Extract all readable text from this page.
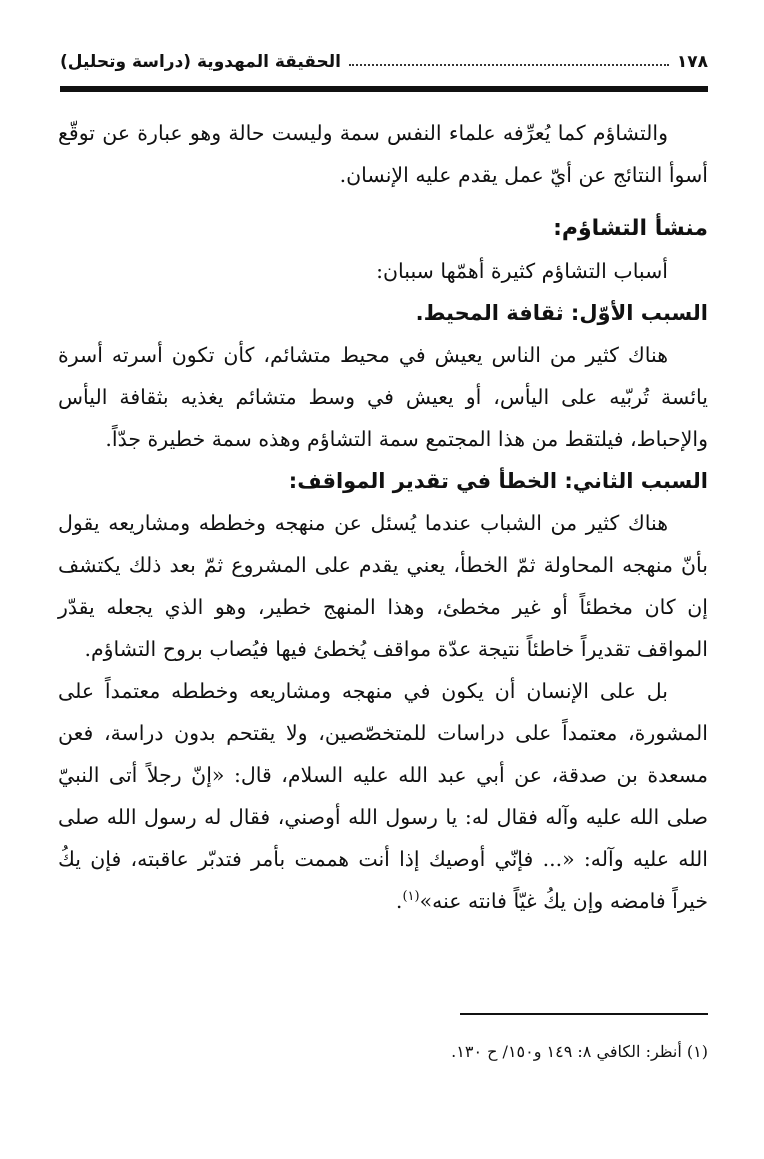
١٧٨
الحقيقة المهدوية (دراسة وتحليل)

والتشاؤم كما يُعرِّفه علماء النفس سمة وليست حالة وهو عبارة عن توقّع أسوأ النتائج عن أيّ عمل يقدم عليه الإنسان.

منشأ التشاؤم:

أسباب التشاؤم كثيرة أهمّها سببان:

السبب الأوّل: ثقافة المحيط.

هناك كثير من الناس يعيش في محيط متشائم، كأن تكون أسرته أسرة يائسة تُربّيه على اليأس، أو يعيش في وسط متشائم يغذيه بثقافة اليأس والإحباط، فيلتقط من هذا المجتمع سمة التشاؤم وهذه سمة خطيرة جدّاً.

السبب الثاني: الخطأ في تقدير المواقف:

هناك كثير من الشباب عندما يُسئل عن منهجه وخططه ومشاريعه يقول بأنّ منهجه المحاولة ثمّ الخطأ، يعني يقدم على المشروع ثمّ بعد ذلك يكتشف إن كان مخطئاً أو غير مخطئ، وهذا المنهج خطير، وهو الذي يجعله يقدّر المواقف تقديراً خاطئاً نتيجة عدّة مواقف يُخطئ فيها فيُصاب بروح التشاؤم.

بل على الإنسان أن يكون في منهجه ومشاريعه وخططه معتمداً على المشورة، معتمداً على دراسات للمتخصّصين، ولا يقتحم بدون دراسة، فعن مسعدة بن صدقة، عن أبي عبد الله عليه السلام، قال: «إنّ رجلاً أتى النبيّ صلى الله عليه وآله فقال له: يا رسول الله أوصني، فقال له رسول الله صلى الله عليه وآله: «... فإنّي أوصيك إذا أنت هممت بأمر فتدبّر عاقبته، فإن يكُ خيراً فامضه وإن يكُ غيّاً فانته عنه»$^{(١)}$.

(١) أنظر: الكافي ٨: ١٤٩ و١٥٠/ ح ١٣٠.
